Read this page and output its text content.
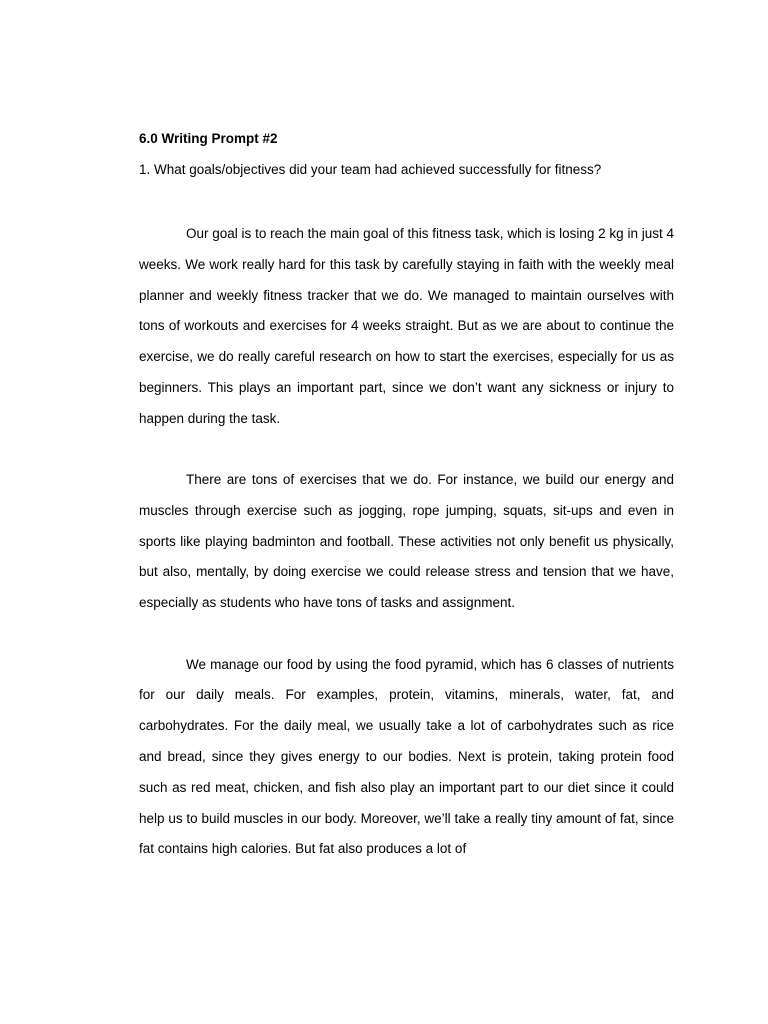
6.0 Writing Prompt #2

1. What goals/objectives did your team had achieved successfully for fitness?

Our goal is to reach the main goal of this fitness task, which is losing 2 kg in just 4 weeks. We work really hard for this task by carefully staying in faith with the weekly meal planner and weekly fitness tracker that we do. We managed to maintain ourselves with tons of workouts and exercises for 4 weeks straight. But as we are about to continue the exercise, we do really careful research on how to start the exercises, especially for us as beginners. This plays an important part, since we don’t want any sickness or injury to happen during the task.

There are tons of exercises that we do. For instance, we build our energy and muscles through exercise such as jogging, rope jumping, squats, sit-ups and even in sports like playing badminton and football. These activities not only benefit us physically, but also, mentally, by doing exercise we could release stress and tension that we have, especially as students who have tons of tasks and assignment.

We manage our food by using the food pyramid, which has 6 classes of nutrients for our daily meals. For examples, protein, vitamins, minerals, water, fat, and carbohydrates. For the daily meal, we usually take a lot of carbohydrates such as rice and bread, since they gives energy to our bodies. Next is protein, taking protein food such as red meat, chicken, and fish also play an important part to our diet since it could help us to build muscles in our body. Moreover, we’ll take a really tiny amount of fat, since fat contains high calories. But fat also produces a lot of
